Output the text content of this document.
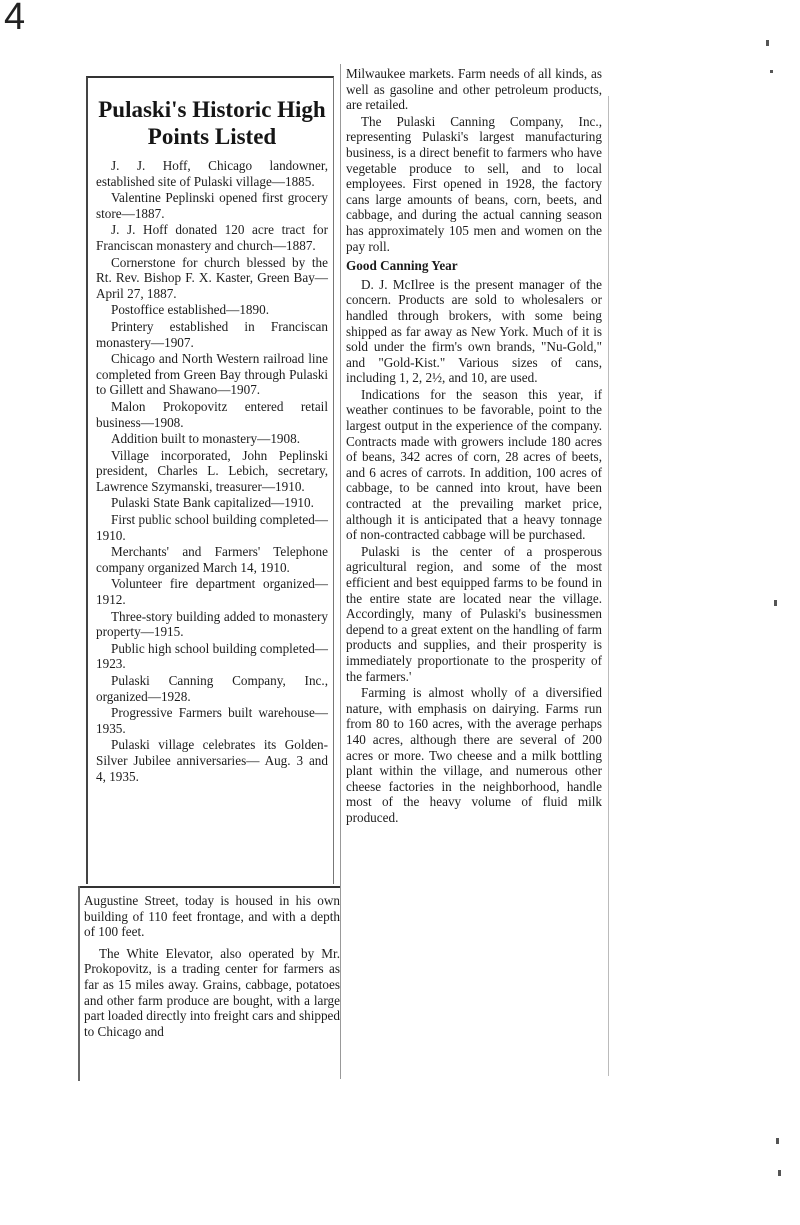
4
Pulaski's Historic High Points Listed

J. J. Hoff, Chicago landowner, established site of Pulaski village—1885.

Valentine Peplinski opened first grocery store—1887.

J. J. Hoff donated 120 acre tract for Franciscan monastery and church—1887.

Cornerstone for church blessed by the Rt. Rev. Bishop F. X. Kaster, Green Bay—April 27, 1887.

Postoffice established—1890.

Printery established in Franciscan monastery—1907.

Chicago and North Western railroad line completed from Green Bay through Pulaski to Gillett and Shawano—1907.

Malon Prokopovitz entered retail business—1908.

Addition built to monastery—1908.

Village incorporated, John Peplinski president, Charles L. Lebich, secretary, Lawrence Szymanski, treasurer—1910.

Pulaski State Bank capitalized—1910.

First public school building completed—1910.

Merchants' and Farmers' Telephone company organized March 14, 1910.

Volunteer fire department organized—1912.

Three-story building added to monastery property—1915.

Public high school building completed—1923.

Pulaski Canning Company, Inc., organized—1928.

Progressive Farmers built warehouse—1935.

Pulaski village celebrates its Golden-Silver Jubilee anniversaries— Aug. 3 and 4, 1935.

Augustine Street, today is housed in his own building of 110 feet frontage, and with a depth of 100 feet.

The White Elevator, also operated by Mr. Prokopovitz, is a trading center for farmers as far as 15 miles away. Grains, cabbage, potatoes and other farm produce are bought, with a large part loaded directly into freight cars and shipped to Chicago and

Milwaukee markets. Farm needs of all kinds, as well as gasoline and other petroleum products, are retailed.

The Pulaski Canning Company, Inc., representing Pulaski's largest manufacturing business, is a direct benefit to farmers who have vegetable produce to sell, and to local employees. First opened in 1928, the factory cans large amounts of beans, corn, beets, and cabbage, and during the actual canning season has approximately 105 men and women on the pay roll.

Good Canning Year

D. J. McIlree is the present manager of the concern. Products are sold to wholesalers or handled through brokers, with some being shipped as far away as New York. Much of it is sold under the firm's own brands, "Nu-Gold," and "Gold-Kist." Various sizes of cans, including 1, 2, 2½, and 10, are used.

Indications for the season this year, if weather continues to be favorable, point to the largest output in the experience of the company. Contracts made with growers include 180 acres of beans, 342 acres of corn, 28 acres of beets, and 6 acres of carrots. In addition, 100 acres of cabbage, to be canned into krout, have been contracted at the prevailing market price, although it is anticipated that a heavy tonnage of non-contracted cabbage will be purchased.

Pulaski is the center of a prosperous agricultural region, and some of the most efficient and best equipped farms to be found in the entire state are located near the village. Accordingly, many of Pulaski's businessmen depend to a great extent on the handling of farm products and supplies, and their prosperity is immediately proportionate to the prosperity of the farmers.'

Farming is almost wholly of a diversified nature, with emphasis on dairying. Farms run from 80 to 160 acres, with the average perhaps 140 acres, although there are several of 200 acres or more. Two cheese and a milk bottling plant within the village, and numerous other cheese factories in the neighborhood, handle most of the heavy volume of fluid milk produced.
